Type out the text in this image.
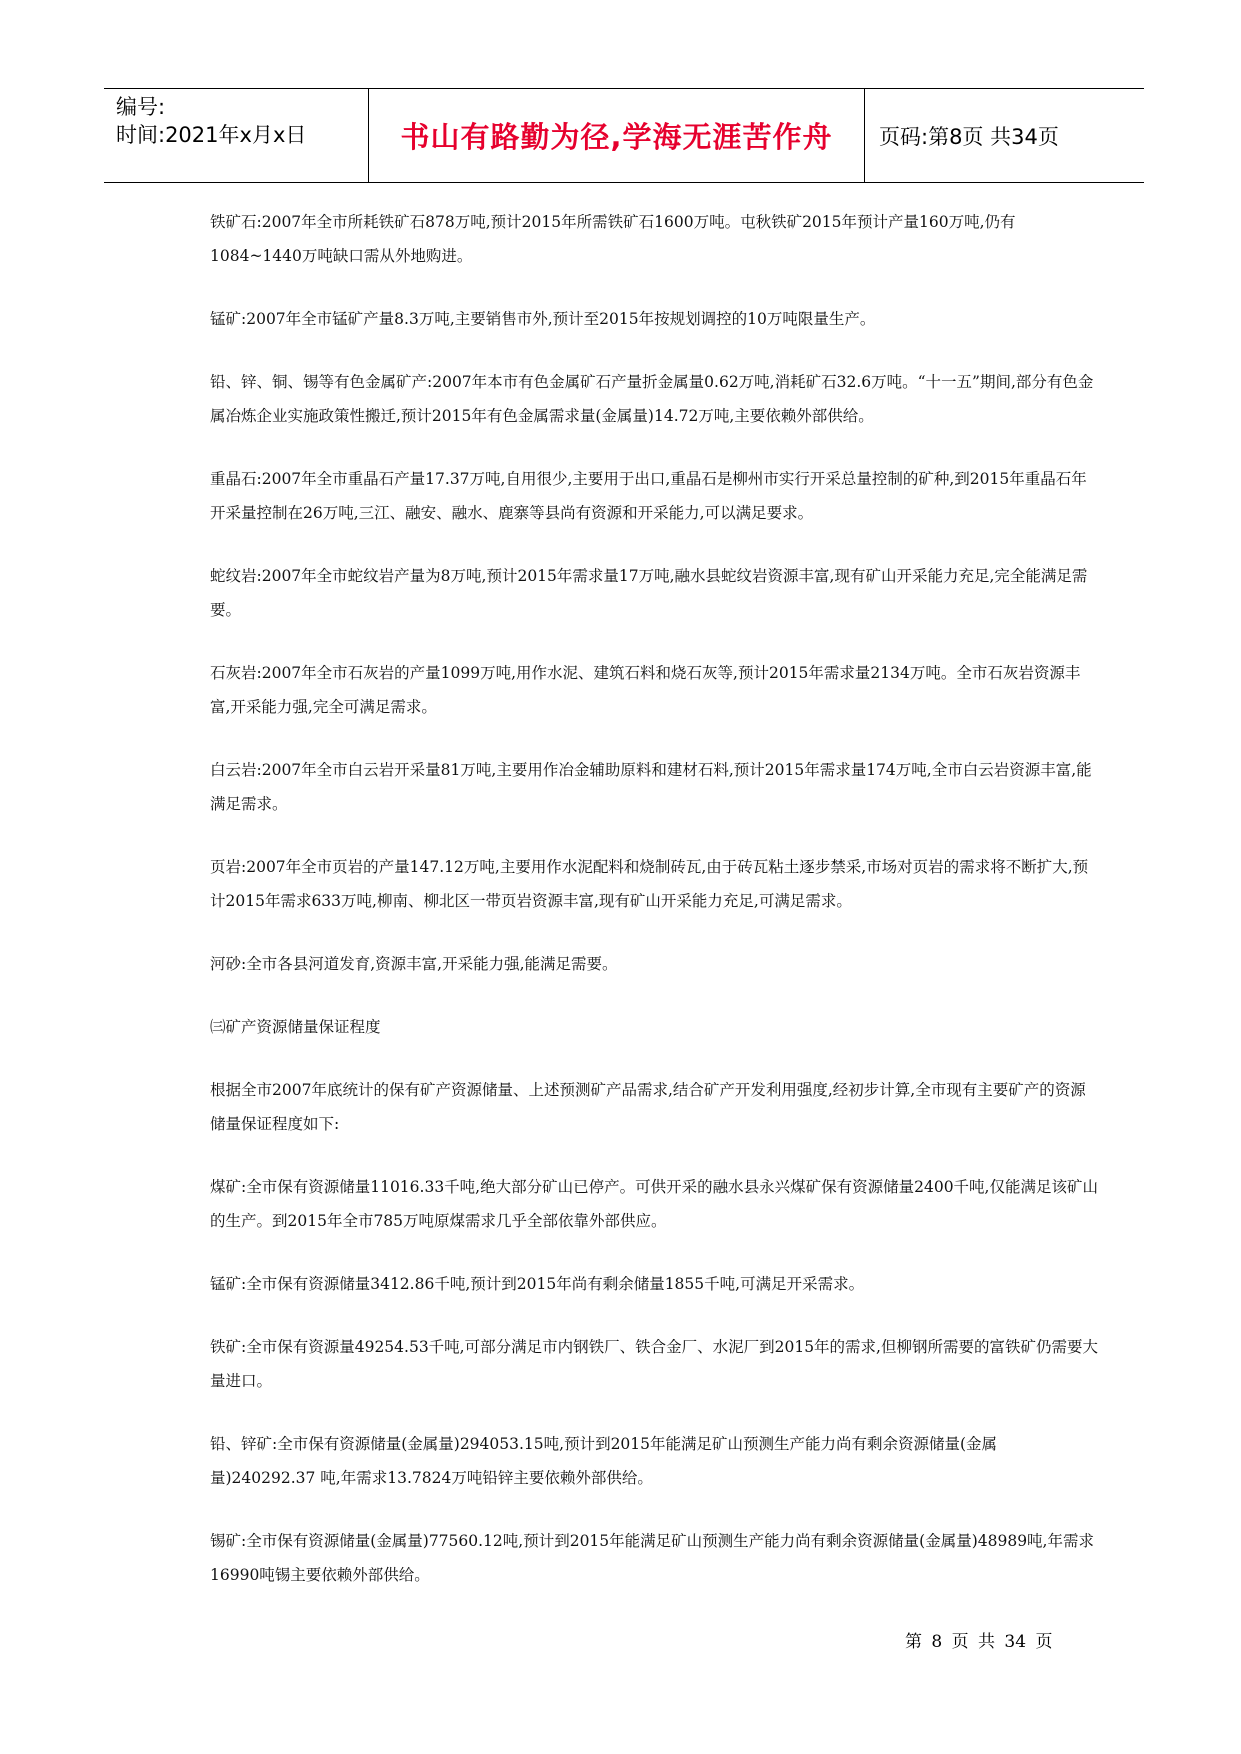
编号:
时间:2021年x月x日	书山有路勤为径,学海无涯苦作舟	页码:第8页 共34页

铁矿石:2007年全市所耗铁矿石878万吨,预计2015年所需铁矿石1600万吨。屯秋铁矿2015年预计产量160万吨,仍有1084~1440万吨缺口需从外地购进。

锰矿:2007年全市锰矿产量8.3万吨,主要销售市外,预计至2015年按规划调控的10万吨限量生产。

铅、锌、铜、锡等有色金属矿产:2007年本市有色金属矿石产量折金属量0.62万吨,消耗矿石32.6万吨。“十一五”期间,部分有色金属冶炼企业实施政策性搬迁,预计2015年有色金属需求量(金属量)14.72万吨,主要依赖外部供给。

重晶石:2007年全市重晶石产量17.37万吨,自用很少,主要用于出口,重晶石是柳州市实行开采总量控制的矿种,到2015年重晶石年开采量控制在26万吨,三江、融安、融水、鹿寨等县尚有资源和开采能力,可以满足要求。

蛇纹岩:2007年全市蛇纹岩产量为8万吨,预计2015年需求量17万吨,融水县蛇纹岩资源丰富,现有矿山开采能力充足,完全能满足需要。

石灰岩:2007年全市石灰岩的产量1099万吨,用作水泥、建筑石料和烧石灰等,预计2015年需求量2134万吨。全市石灰岩资源丰富,开采能力强,完全可满足需求。

白云岩:2007年全市白云岩开采量81万吨,主要用作冶金辅助原料和建材石料,预计2015年需求量174万吨,全市白云岩资源丰富,能满足需求。

页岩:2007年全市页岩的产量147.12万吨,主要用作水泥配料和烧制砖瓦,由于砖瓦粘土逐步禁采,市场对页岩的需求将不断扩大,预计2015年需求633万吨,柳南、柳北区一带页岩资源丰富,现有矿山开采能力充足,可满足需求。

河砂:全市各县河道发育,资源丰富,开采能力强,能满足需要。

㈢矿产资源储量保证程度

根据全市2007年底统计的保有矿产资源储量、上述预测矿产品需求,结合矿产开发利用强度,经初步计算,全市现有主要矿产的资源储量保证程度如下:

煤矿:全市保有资源储量11016.33千吨,绝大部分矿山已停产。可供开采的融水县永兴煤矿保有资源储量2400千吨,仅能满足该矿山的生产。到2015年全市785万吨原煤需求几乎全部依靠外部供应。

锰矿:全市保有资源储量3412.86千吨,预计到2015年尚有剩余储量1855千吨,可满足开采需求。

铁矿:全市保有资源量49254.53千吨,可部分满足市内钢铁厂、铁合金厂、水泥厂到2015年的需求,但柳钢所需要的富铁矿仍需要大量进口。

铅、锌矿:全市保有资源储量(金属量)294053.15吨,预计到2015年能满足矿山预测生产能力尚有剩余资源储量(金属量)240292.37 吨,年需求13.7824万吨铅锌主要依赖外部供给。

锡矿:全市保有资源储量(金属量)77560.12吨,预计到2015年能满足矿山预测生产能力尚有剩余资源储量(金属量)48989吨,年需求16990吨锡主要依赖外部供给。

第 8 页 共 34 页
